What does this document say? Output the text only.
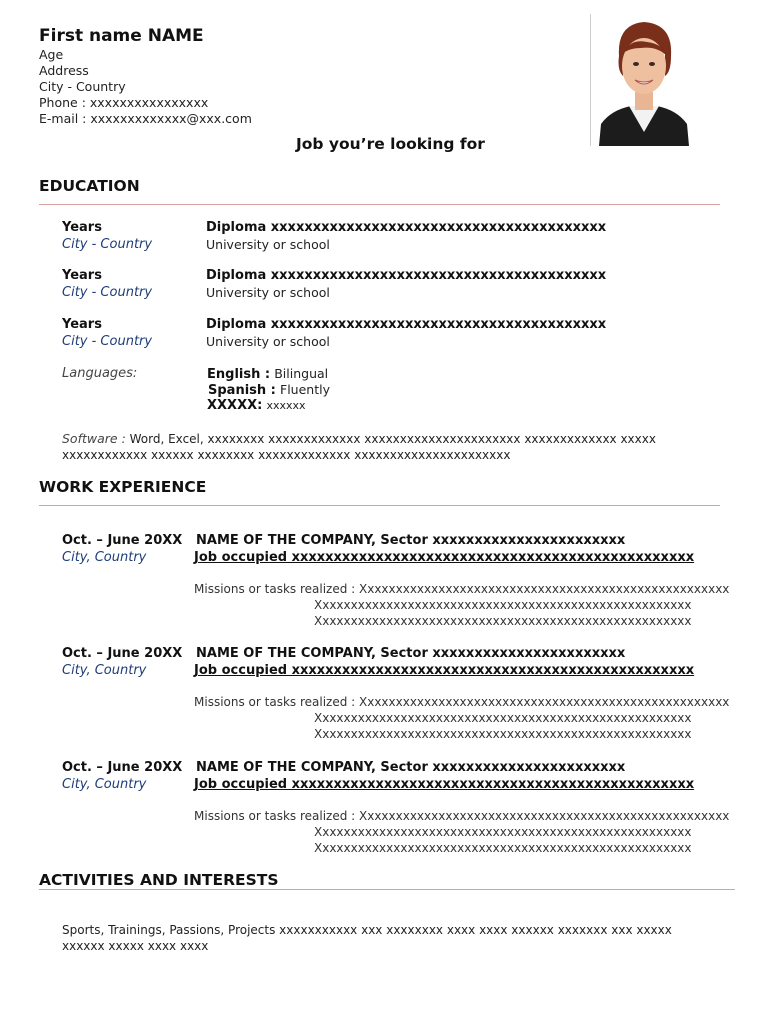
First name NAME
Age
Address
City - Country
Phone : xxxxxxxxxxxxxxxx
E-mail : xxxxxxxxxxxxx@xxx.com
Job you’re looking for
EDUCATION
Years
City - Country
Diploma xxxxxxxxxxxxxxxxxxxxxxxxxxxxxxxxxxxxxxxx
University or school
Years
City - Country
Diploma xxxxxxxxxxxxxxxxxxxxxxxxxxxxxxxxxxxxxxxx
University or school
Years
City - Country
Diploma xxxxxxxxxxxxxxxxxxxxxxxxxxxxxxxxxxxxxxxx
University or school
Languages:	English : Bilingual
Spanish : Fluently
XXXXX: xxxxxx
Software : Word, Excel, xxxxxxxx xxxxxxxxxxxxx xxxxxxxxxxxxxxxxxxxxxx xxxxxxxxxxxxx xxxxx xxxxxxxxxxxx xxxxxx xxxxxxxx xxxxxxxxxxxxx xxxxxxxxxxxxxxxxxxxxxx
WORK EXPERIENCE
Oct. – June 20XX
City, Country
NAME OF THE COMPANY, Sector xxxxxxxxxxxxxxxxxxxxxxx
Job occupied xxxxxxxxxxxxxxxxxxxxxxxxxxxxxxxxxxxxxxxxxxxxxxxx
Missions or tasks realized : Xxxxxxxxxxxxxxxxxxxxxxxxxxxxxxxxxxxxxxxxxxxxxxxxxxxx
Xxxxxxxxxxxxxxxxxxxxxxxxxxxxxxxxxxxxxxxxxxxxxxxxxxxxx
Xxxxxxxxxxxxxxxxxxxxxxxxxxxxxxxxxxxxxxxxxxxxxxxxxxxxx
Oct. – June 20XX
City, Country
NAME OF THE COMPANY, Sector xxxxxxxxxxxxxxxxxxxxxxx
Job occupied xxxxxxxxxxxxxxxxxxxxxxxxxxxxxxxxxxxxxxxxxxxxxxxx
Missions or tasks realized : Xxxxxxxxxxxxxxxxxxxxxxxxxxxxxxxxxxxxxxxxxxxxxxxxxxxx
Xxxxxxxxxxxxxxxxxxxxxxxxxxxxxxxxxxxxxxxxxxxxxxxxxxxxx
Xxxxxxxxxxxxxxxxxxxxxxxxxxxxxxxxxxxxxxxxxxxxxxxxxxxxx
Oct. – June 20XX
City, Country
NAME OF THE COMPANY, Sector xxxxxxxxxxxxxxxxxxxxxxx
Job occupied xxxxxxxxxxxxxxxxxxxxxxxxxxxxxxxxxxxxxxxxxxxxxxxx
Missions or tasks realized : Xxxxxxxxxxxxxxxxxxxxxxxxxxxxxxxxxxxxxxxxxxxxxxxxxxxx
Xxxxxxxxxxxxxxxxxxxxxxxxxxxxxxxxxxxxxxxxxxxxxxxxxxxxx
Xxxxxxxxxxxxxxxxxxxxxxxxxxxxxxxxxxxxxxxxxxxxxxxxxxxxx
ACTIVITIES AND INTERESTS
Sports, Trainings, Passions, Projects xxxxxxxxxxx xxx xxxxxxxx xxxx xxxx xxxxxx xxxxxxx xxx xxxxx xxxxxx xxxxx xxxx xxxx
